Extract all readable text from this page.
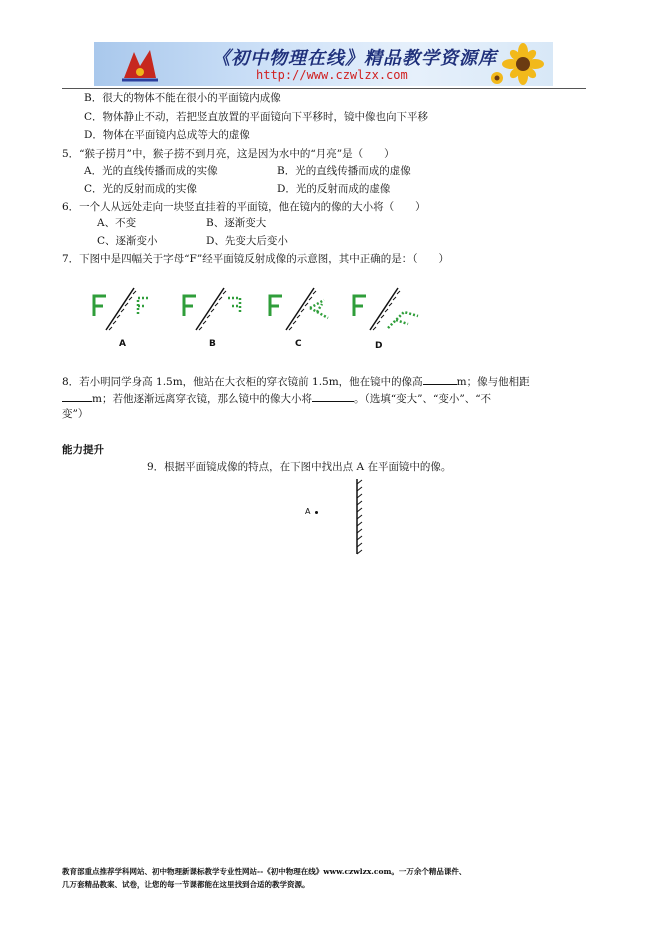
《初中物理在线》精品教学资源库
http://www.czwlzx.com
B．很大的物体不能在很小的平面镜内成像
C．物体静止不动，若把竖直放置的平面镜向下平移时，镜中像也向下平移
D．物体在平面镜内总成等大的虚像
5．“猴子捞月”中，猴子捞不到月亮，这是因为水中的“月亮”是（　　）
A．光的直线传播而成的实像	B．光的直线传播而成的虚像
C．光的反射而成的实像	D．光的反射而成的虚像
6．一个人从远处走向一块竖直挂着的平面镜，他在镜内的像的大小将（　　）
A、不变	B、逐渐变大
C、逐渐变小	D、先变大后变小
7．下图中是四幅关于字母“F”经平面镜反射成像的示意图，其中正确的是：（　　）
A	B	C	D
8．若小明同学身高 1.5m，他站在大衣柜的穿衣镜前 1.5m，他在镜中的像高	m；像与他相距
m；若他逐渐远离穿衣镜，那么镜中的像大小将	。（选填“变大”、“变小”、“不
变”）
能力提升
9．根据平面镜成像的特点，在下图中找出点 A 在平面镜中的像。
A
教育部重点推荐学科网站、初中物理新课标教学专业性网站--《初中物理在线》www.czwlzx.com。一万余个精品课件、
几万套精品教案、试卷，让您的每一节课都能在这里找到合适的教学资源。
